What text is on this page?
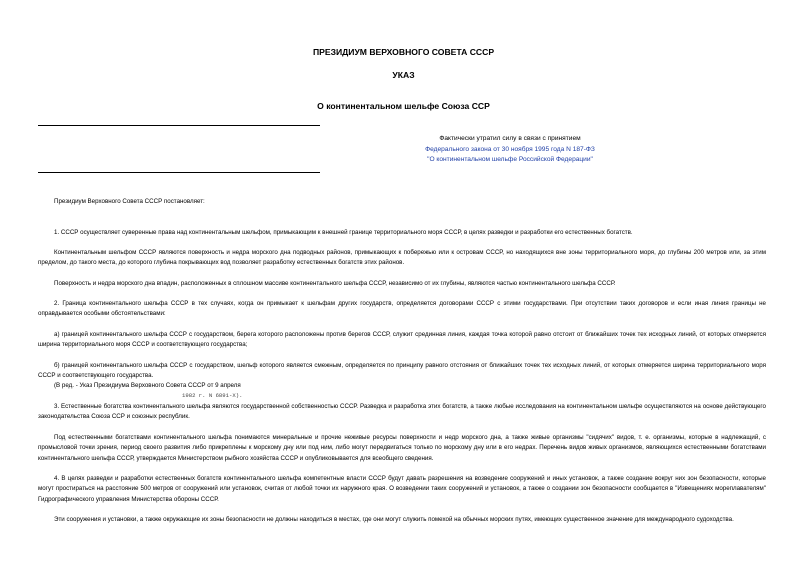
ПРЕЗИДИУМ ВЕРХОВНОГО СОВЕТА СССР
УКАЗ
О континентальном шельфе Союза ССР
Фактически утратил силу в связи с принятием
Федерального закона от 30 ноября 1995 года N 187-ФЗ
"О континентальном шельфе Российской Федерации"
Президиум Верховного Совета СССР постановляет:
1. СССР осуществляет суверенные права над континентальным шельфом, примыкающим к внешней границе территориального моря СССР, в целях разведки и разработки его естественных богатств.
Континентальным шельфом СССР являются поверхность и недра морского дна подводных районов, примыкающих к побережью или к островам СССР, но находящихся вне зоны территориального моря, до глубины 200 метров или, за этим пределом, до такого места, до которого глубина покрывающих вод позволяет разработку естественных богатств этих районов.
Поверхность и недра морского дна впадин, расположенных в сплошном массиве континентального шельфа СССР, независимо от их глубины, являются частью континентального шельфа СССР.
2. Граница континентального шельфа СССР в тех случаях, когда он примыкает к шельфам других государств, определяется договорами СССР с этими государствами. При отсутствии таких договоров и если иная линия границы не оправдывается особыми обстоятельствами:
а) границей континентального шельфа СССР с государством, берега которого расположены против берегов СССР, служит срединная линия, каждая точка которой равно отстоит от ближайших точек тех исходных линий, от которых отмеряется ширина территориального моря СССР и соответствующего государства;
б) границей континентального шельфа СССР с государством, шельф которого является смежным, определяется по принципу равного отстояния от ближайших точек тех исходных линий, от которых отмеряется ширина территориального моря СССР и соответствующего государства.
(В ред. - Указ Президиума Верховного Совета СССР от 9 апреля
1982 г. N 6891-X).
3. Естественные богатства континентального шельфа являются государственной собственностью СССР. Разведка и разработка этих богатств, а также любые исследования на континентальном шельфе осуществляются на основе действующего законодательства Союза ССР и союзных республик.
Под естественными богатствами континентального шельфа понимаются минеральные и прочие неживые ресурсы поверхности и недр морского дна, а также живые организмы "сидячих" видов, т. е. организмы, которые в надлежащий, с промысловой точки зрения, период своего развития либо прикреплены к морскому дну или под ним, либо могут передвигаться только по морскому дну или в его недрах. Перечень видов живых организмов, являющихся естественными богатствами континентального шельфа СССР, утверждается Министерством рыбного хозяйства СССР и опубликовывается для всеобщего сведения.
4. В целях разведки и разработки естественных богатств континентального шельфа компетентные власти СССР будут давать разрешения на возведение сооружений и иных установок, а также создание вокруг них зон безопасности, которые могут простираться на расстояние 500 метров от сооружений или установок, считая от любой точки их наружного края. О возведении таких сооружений и установок, а также о создании зон безопасности сообщается в "Извещениях мореплавателям" Гидрографического управления Министерства обороны СССР.
Эти сооружения и установки, а также окружающие их зоны безопасности не должны находиться в местах, где они могут служить помехой на обычных морских путях, имеющих существенное значение для международного судоходства.
